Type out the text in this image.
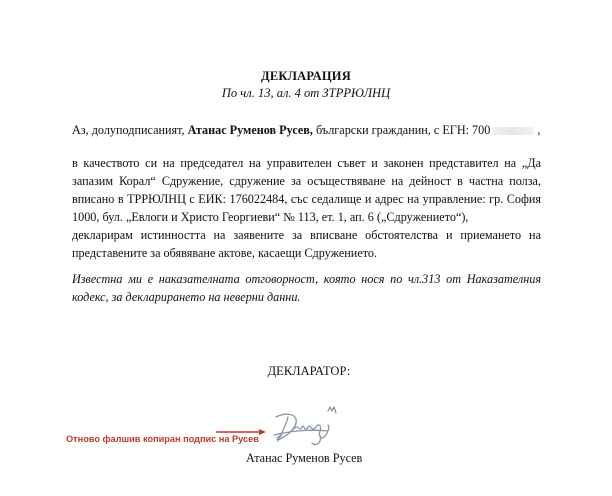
ДЕКЛАРАЦИЯ
По чл. 13, ал. 4 от ЗТРРЮЛНЦ
Аз, долуподписаният, Атанас Руменов Русев, български гражданин, с ЕГН: 700	,
в качеството си на председател на управителен съвет и законен представител на „Да запазим Корал“ Сдружение, сдружение за осъществяване на дейност в частна полза, вписано в ТРРЮЛНЦ с ЕИК: 176022484, със седалище и адрес на управление: гр. София 1000, бул. „Евлоги и Христо Георгиеви“ № 113, ет. 1, ап. 6 („Сдружението“),
декларирам истинността на заявените за вписване обстоятелства и приемането на представените за обявяване актове, касаещи Сдружението.
Известна ми е наказателната отговорност, която нося по чл.313 от Наказателния кодекс, за декларирането на неверни данни.
ДЕКЛАРАТОР:
Отново фалшив копиран подпис на Русев
Атанас Руменов Русев
